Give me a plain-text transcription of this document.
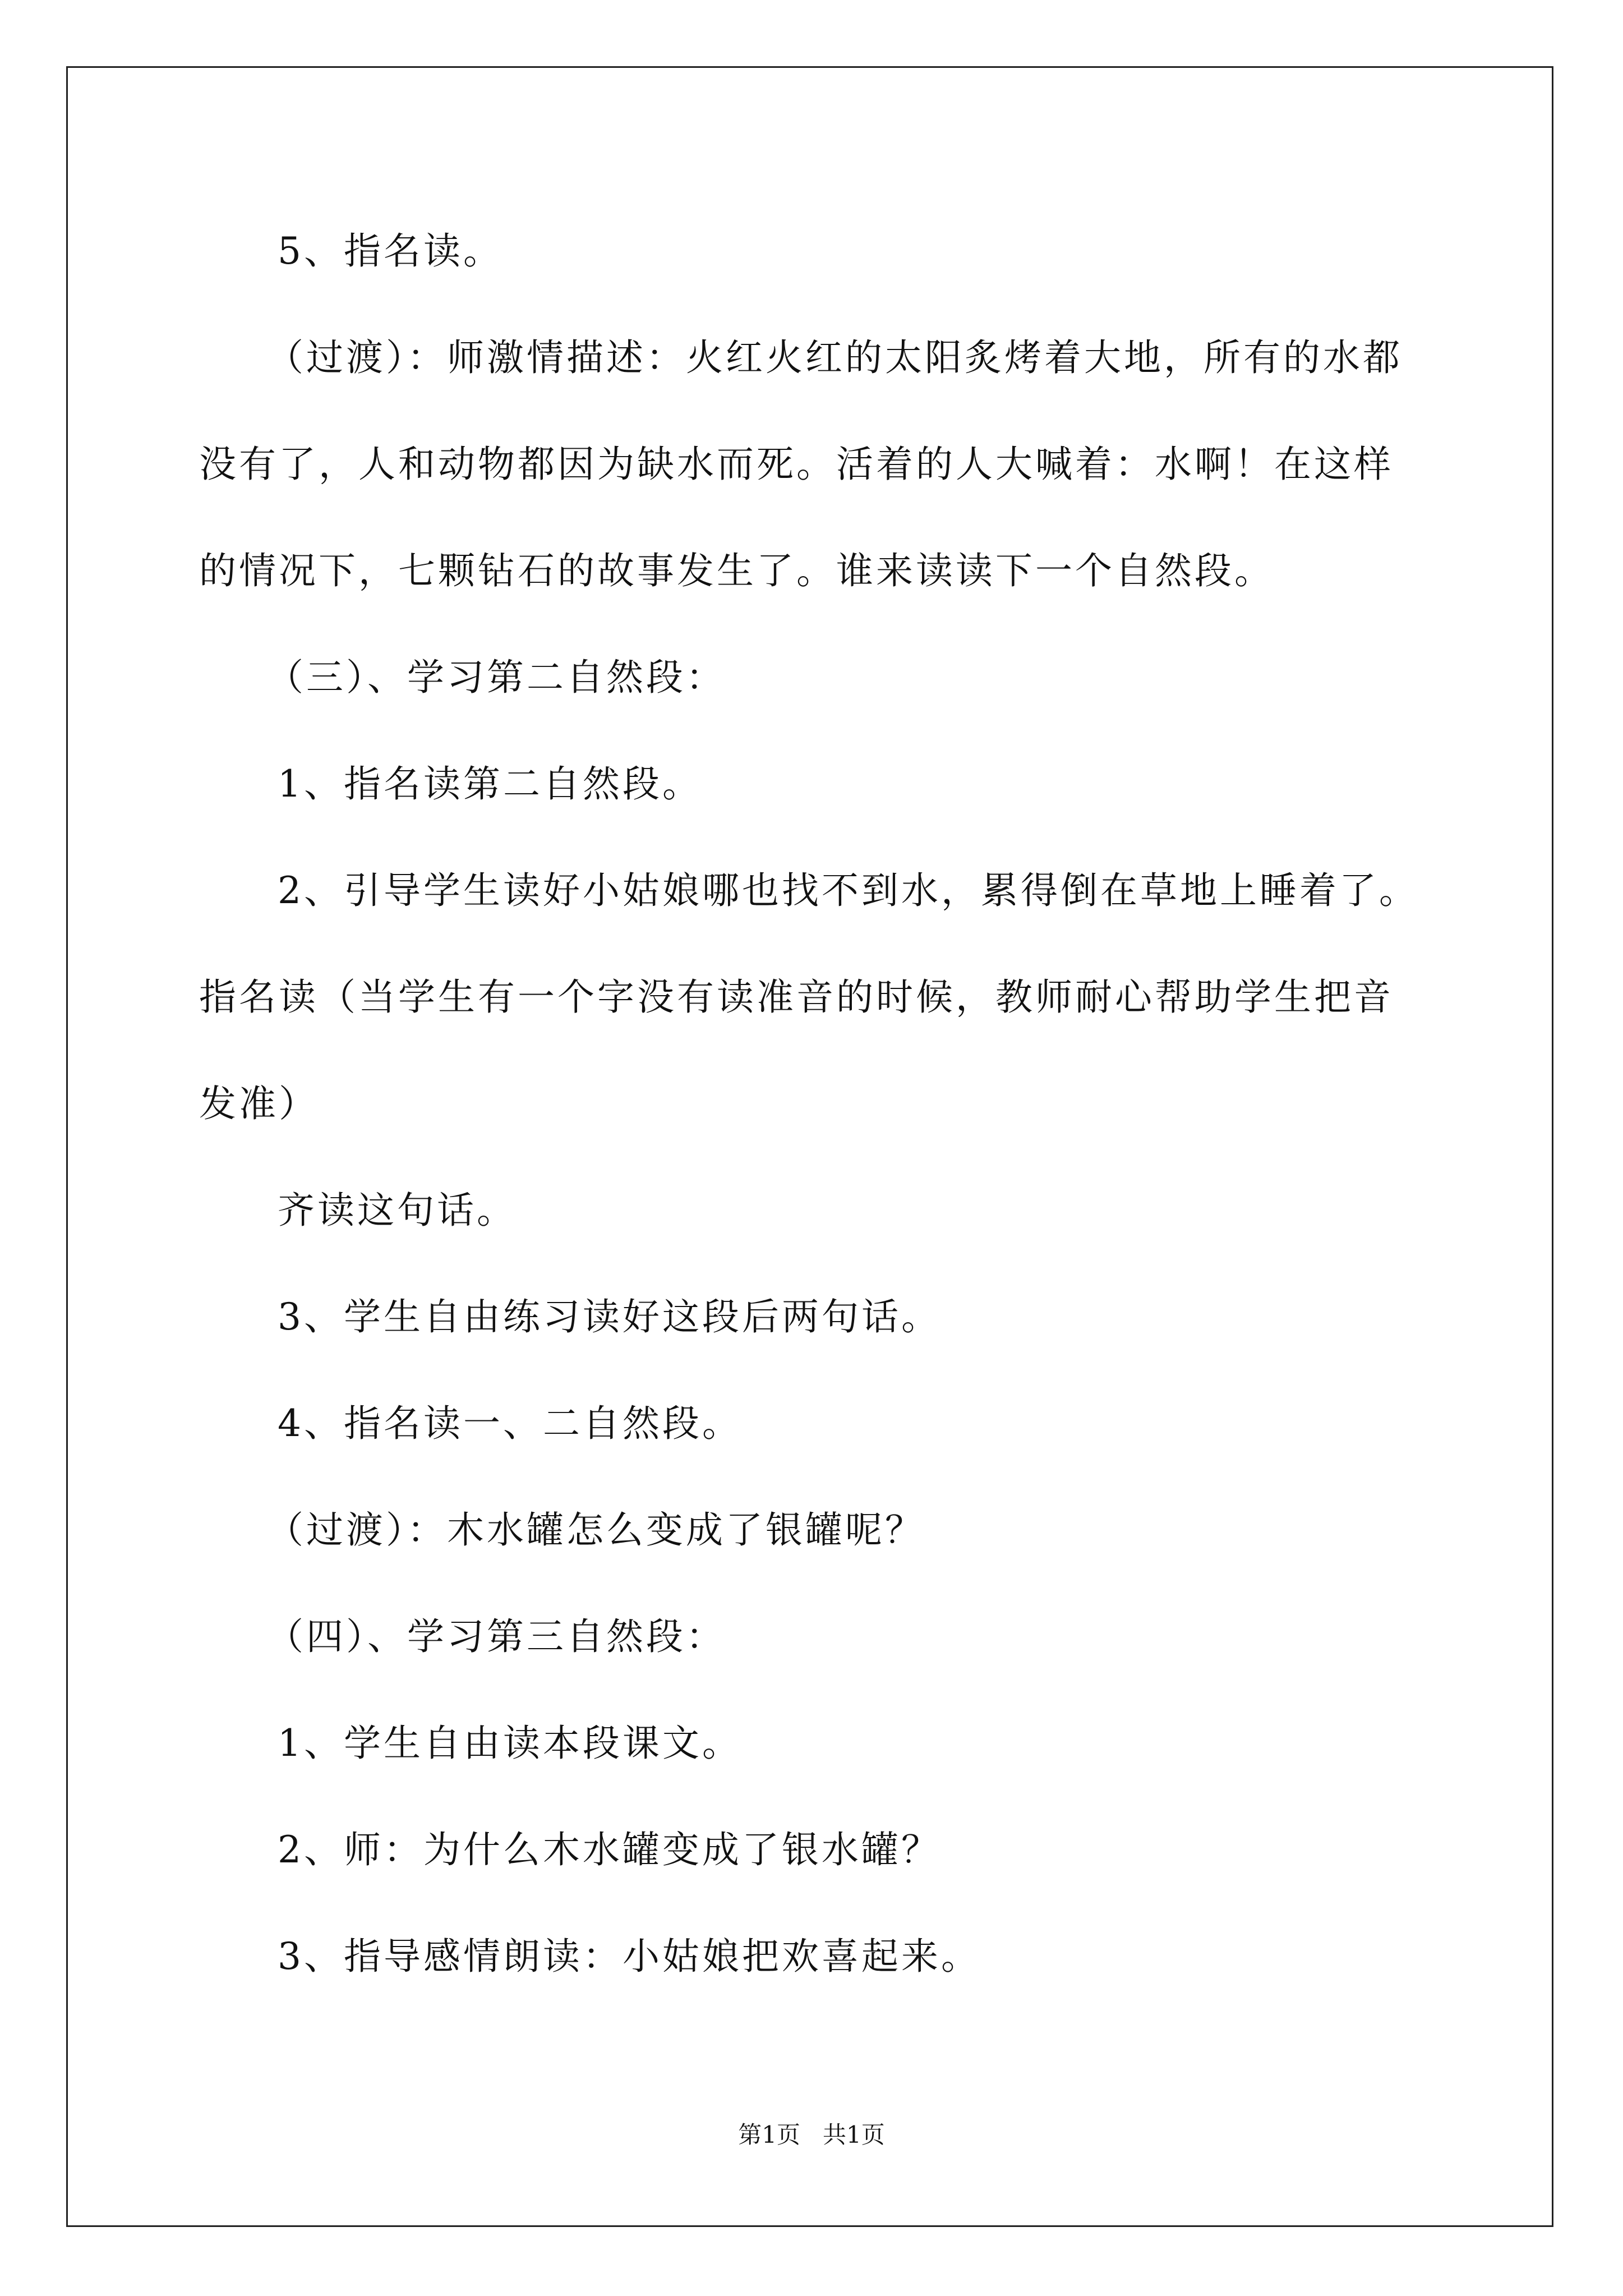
5、指名读。

（过渡）：师激情描述：火红火红的太阳炙烤着大地，所有的水都

没有了，人和动物都因为缺水而死。活着的人大喊着：水啊！在这样

的情况下，七颗钻石的故事发生了。谁来读读下一个自然段。

（三）、学习第二自然段：

1、指名读第二自然段。

2、引导学生读好小姑娘哪也找不到水，累得倒在草地上睡着了。

指名读（当学生有一个字没有读准音的时候，教师耐心帮助学生把音

发准）

齐读这句话。

3、学生自由练习读好这段后两句话。

4、指名读一、二自然段。

（过渡）：木水罐怎么变成了银罐呢？

（四）、学习第三自然段：

1、学生自由读本段课文。

2、师：为什么木水罐变成了银水罐？

3、指导感情朗读：小姑娘把欢喜起来。

第1页   共1页
